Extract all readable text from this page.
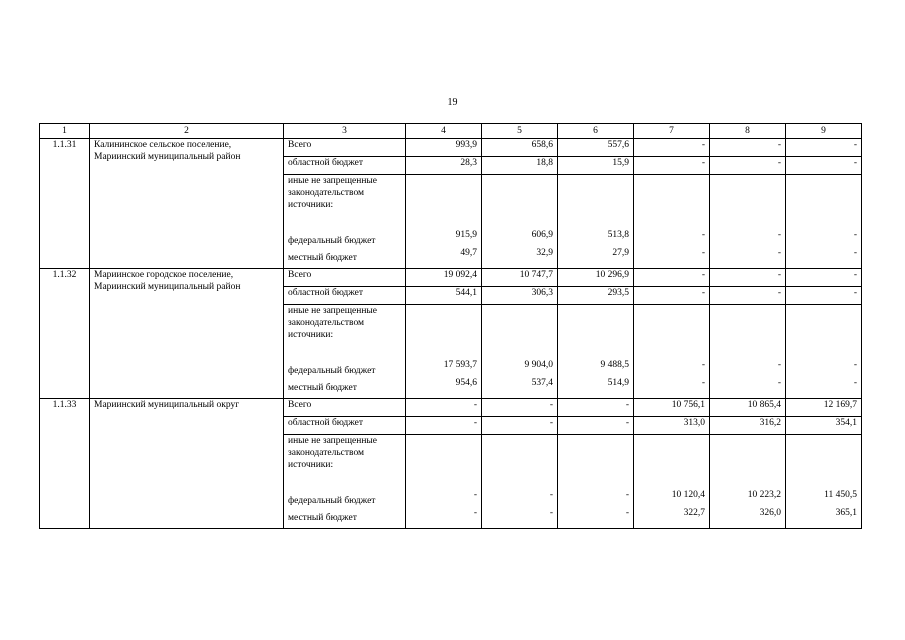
19
1	2	3	4	5	6	7	8	9
1.1.31	Калининское сельское поселение, Мариинский муниципальный район	Всего	993,9	658,6	557,6	-	-	-
		областной бюджет	28,3	18,8	15,9	-	-	-
		иные не запрещенные законодательством источники:						
		федеральный бюджет	915,9	606,9	513,8	-	-	-
		местный бюджет	49,7	32,9	27,9	-	-	-
1.1.32	Мариинское городское поселение, Мариинский муниципальный район	Всего	19 092,4	10 747,7	10 296,9	-	-	-
		областной бюджет	544,1	306,3	293,5	-	-	-
		иные не запрещенные законодательством источники:						
		федеральный бюджет	17 593,7	9 904,0	9 488,5	-	-	-
		местный бюджет	954,6	537,4	514,9	-	-	-
1.1.33	Мариинский муниципальный округ	Всего	-	-	-	10 756,1	10 865,4	12 169,7
		областной бюджет	-	-	-	313,0	316,2	354,1
		иные не запрещенные законодательством источники:						
		федеральный бюджет	-	-	-	10 120,4	10 223,2	11 450,5
		местный бюджет	-	-	-	322,7	326,0	365,1
